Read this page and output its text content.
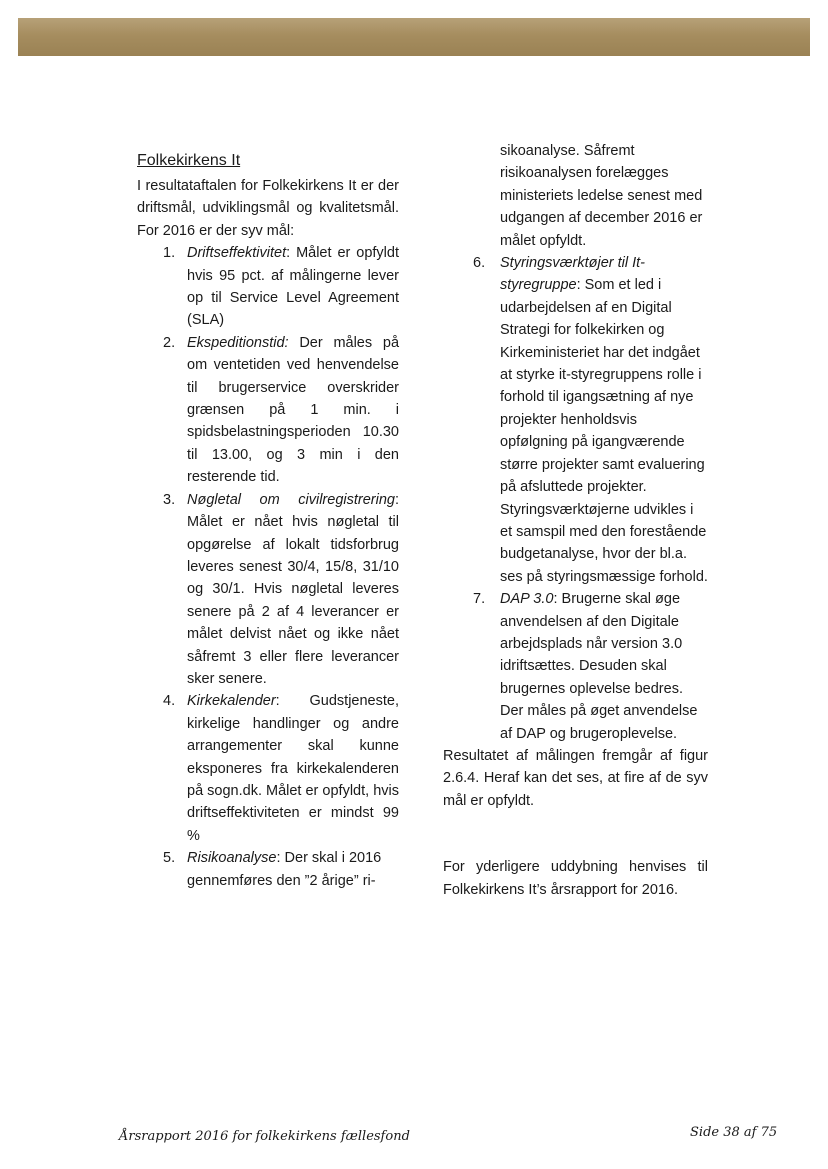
Folkekirkens It

I resultataftalen for Folkekirkens It er der driftsmål, udviklingsmål og kvalitetsmål. For 2016 er der syv mål:

1. Driftseffektivitet: Målet er opfyldt hvis 95 pct. af målingerne lever op til Service Level Agreement (SLA)
2. Ekspeditionstid: Der måles på om ventetiden ved henvendelse til brugerservice overskrider grænsen på 1 min. i spidsbelastningsperioden 10.30 til 13.00, og 3 min i den resterende tid.
3. Nøgletal om civilregistrering: Målet er nået hvis nøgletal til opgørelse af lokalt tidsforbrug leveres senest 30/4, 15/8, 31/10 og 30/1. Hvis nøgletal leveres senere på 2 af 4 leverancer er målet delvist nået og ikke nået såfremt 3 eller flere leverancer sker senere.
4. Kirkekalender: Gudstjeneste, kirkelige handlinger og andre arrangementer skal kunne eksponeres fra kirkekalenderen på sogn.dk. Målet er opfyldt, hvis driftseffektiviteten er mindst 99 %
5. Risikoanalyse: Der skal i 2016 gennemføres den ”2 årige” ri-
sikoanalyse. Såfremt risikoanalysen forelægges ministeriets ledelse senest med udgangen af december 2016 er målet opfyldt.
6. Styringsværktøjer til It-styregruppe: Som et led i udarbejdelsen af en Digital Strategi for folkekirken og Kirkeministeriet har det indgået at styrke it-styregruppens rolle i forhold til igangsætning af nye projekter henholdsvis opfølgning på igangværende større projekter samt evaluering på afsluttede projekter. Styringsværktøjerne udvikles i et samspil med den forestående budgetanalyse, hvor der bl.a. ses på styringsmæssige forhold.
7. DAP 3.0: Brugerne skal øge anvendelsen af den Digitale arbejdsplads når version 3.0 idriftsættes. Desuden skal brugernes oplevelse bedres. Der måles på øget anvendelse af DAP og brugeroplevelse.

Resultatet af målingen fremgår af figur 2.6.4. Heraf kan det ses, at fire af de syv mål er opfyldt.

For yderligere uddybning henvises til Folkekirkens It’s årsrapport for 2016.

Årsrapport 2016 for folkekirkens fællesfond	Side 38 af 75
